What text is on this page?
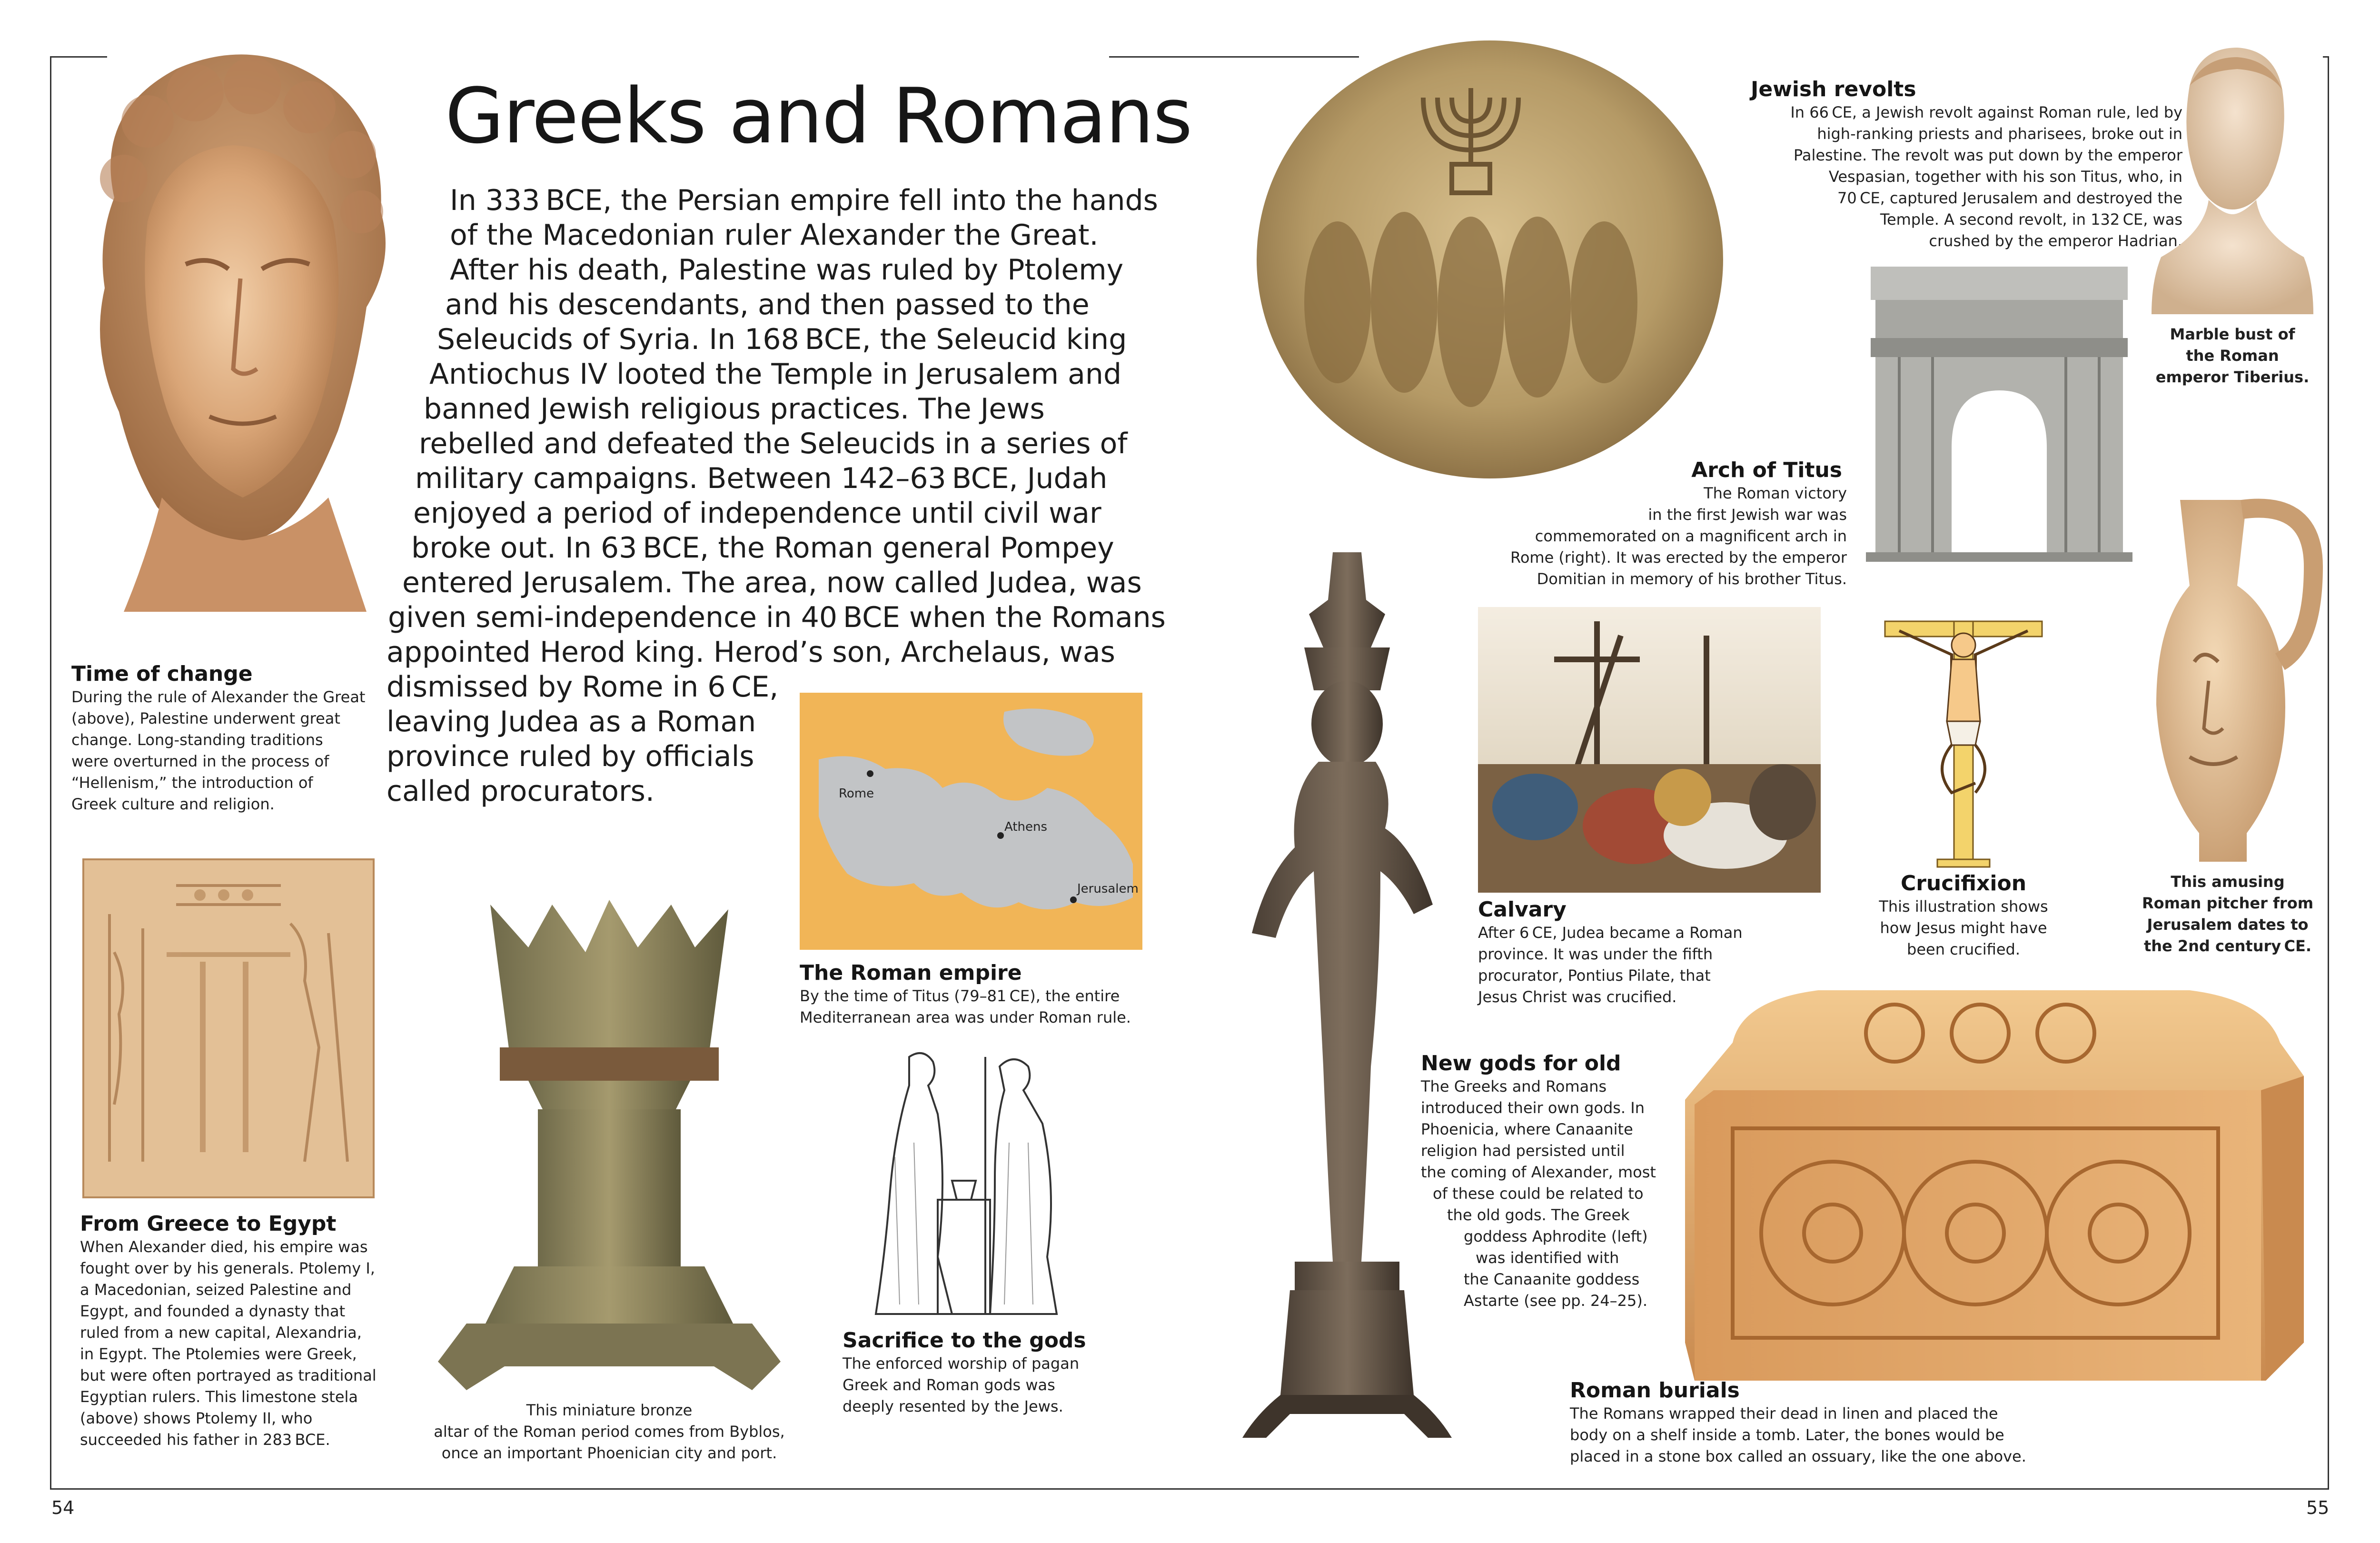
Greeks and Romans
In 333 BCE, the Persian empire fell into the hands
of the Macedonian ruler Alexander the Great.
After his death, Palestine was ruled by Ptolemy
and his descendants, and then passed to the
Seleucids of Syria. In 168 BCE, the Seleucid king
Antiochus IV looted the Temple in Jerusalem and
banned Jewish religious practices. The Jews
rebelled and defeated the Seleucids in a series of
military campaigns. Between 142–63 BCE, Judah
enjoyed a period of independence until civil war
broke out. In 63 BCE, the Roman general Pompey
entered Jerusalem. The area, now called Judea, was
given semi-independence in 40 BCE when the Romans
appointed Herod king. Herod’s son, Archelaus, was
dismissed by Rome in 6 CE,
leaving Judea as a Roman
province ruled by officials
called procurators.
Time of change
During the rule of Alexander the Great
(above), Palestine underwent great
change. Long-standing traditions
were overturned in the process of
“Hellenism,” the introduction of
Greek culture and religion.
From Greece to Egypt
When Alexander died, his empire was
fought over by his generals. Ptolemy I,
a Macedonian, seized Palestine and
Egypt, and founded a dynasty that
ruled from a new capital, Alexandria,
in Egypt. The Ptolemies were Greek,
but were often portrayed as traditional
Egyptian rulers. This limestone stela
(above) shows Ptolemy II, who
succeeded his father in 283 BCE.
This miniature bronze
altar of the Roman period comes from Byblos,
once an important Phoenician city and port.
Rome
Athens
Jerusalem
The Roman empire
By the time of Titus (79–81 CE), the entire
Mediterranean area was under Roman rule.
Sacrifice to the gods
The enforced worship of pagan
Greek and Roman gods was
deeply resented by the Jews.
Jewish revolts
In 66 CE, a Jewish revolt against Roman rule, led by
high-ranking priests and pharisees, broke out in
Palestine. The revolt was put down by the emperor
Vespasian, together with his son Titus, who, in
70 CE, captured Jerusalem and destroyed the
Temple. A second revolt, in 132 CE, was
crushed by the emperor Hadrian.
Marble bust of
the Roman
emperor Tiberius.
Arch of Titus
The Roman victory
in the first Jewish war was
commemorated on a magnificent arch in
Rome (right). It was erected by the emperor
Domitian in memory of his brother Titus.
Calvary
After 6 CE, Judea became a Roman
province. It was under the fifth
procurator, Pontius Pilate, that
Jesus Christ was crucified.
Crucifixion
This illustration shows
how Jesus might have
been crucified.
This amusing
Roman pitcher from
Jerusalem dates to
the 2nd century CE.
New gods for old
The Greeks and Romans
introduced their own gods. In
Phoenicia, where Canaanite
religion had persisted until
the coming of Alexander, most
of these could be related to
the old gods. The Greek
goddess Aphrodite (left)
was identified with
the Canaanite goddess
Astarte (see pp. 24–25).
Roman burials
The Romans wrapped their dead in linen and placed the
body on a shelf inside a tomb. Later, the bones would be
placed in a stone box called an ossuary, like the one above.
54	55
